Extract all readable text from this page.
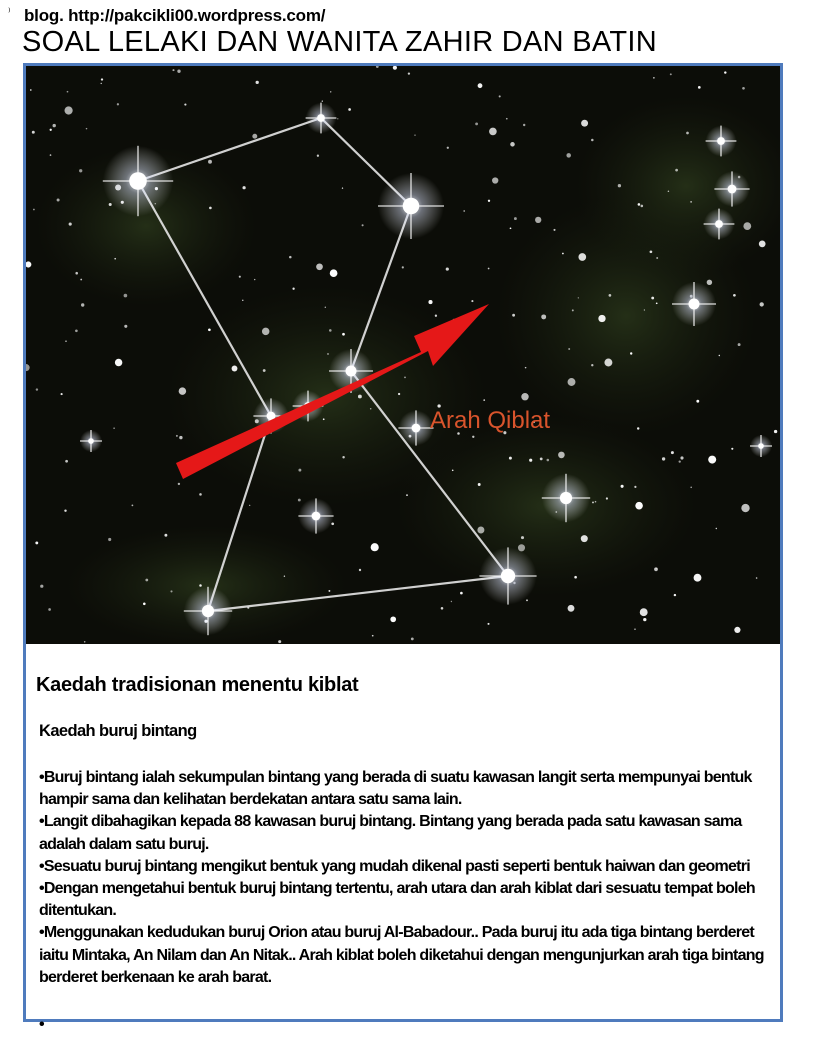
⁾ blog. http://pakcikli00.wordpress.com/
SOAL LELAKI DAN WANITA ZAHIR DAN BATIN
Arah Qiblat
Kaedah tradisionan menentu kiblat
Kaedah buruj bintang
•Buruj bintang ialah sekumpulan bintang yang berada di suatu kawasan langit serta mempunyai bentuk hampir sama dan kelihatan berdekatan antara satu sama lain.
•Langit dibahagikan kepada 88 kawasan buruj bintang. Bintang yang berada pada satu kawasan sama adalah dalam satu buruj.
•Sesuatu buruj bintang mengikut bentuk yang mudah dikenal pasti seperti bentuk haiwan dan geometri
•Dengan mengetahui bentuk buruj bintang tertentu, arah utara dan arah kiblat dari sesuatu tempat boleh ditentukan.
•Menggunakan kedudukan buruj Orion atau buruj Al-Babadour.. Pada buruj itu ada tiga bintang berderet iaitu Mintaka, An Nilam dan An Nitak.. Arah kiblat boleh diketahui dengan mengunjurkan arah tiga bintang berderet berkenaan ke arah barat.
•
